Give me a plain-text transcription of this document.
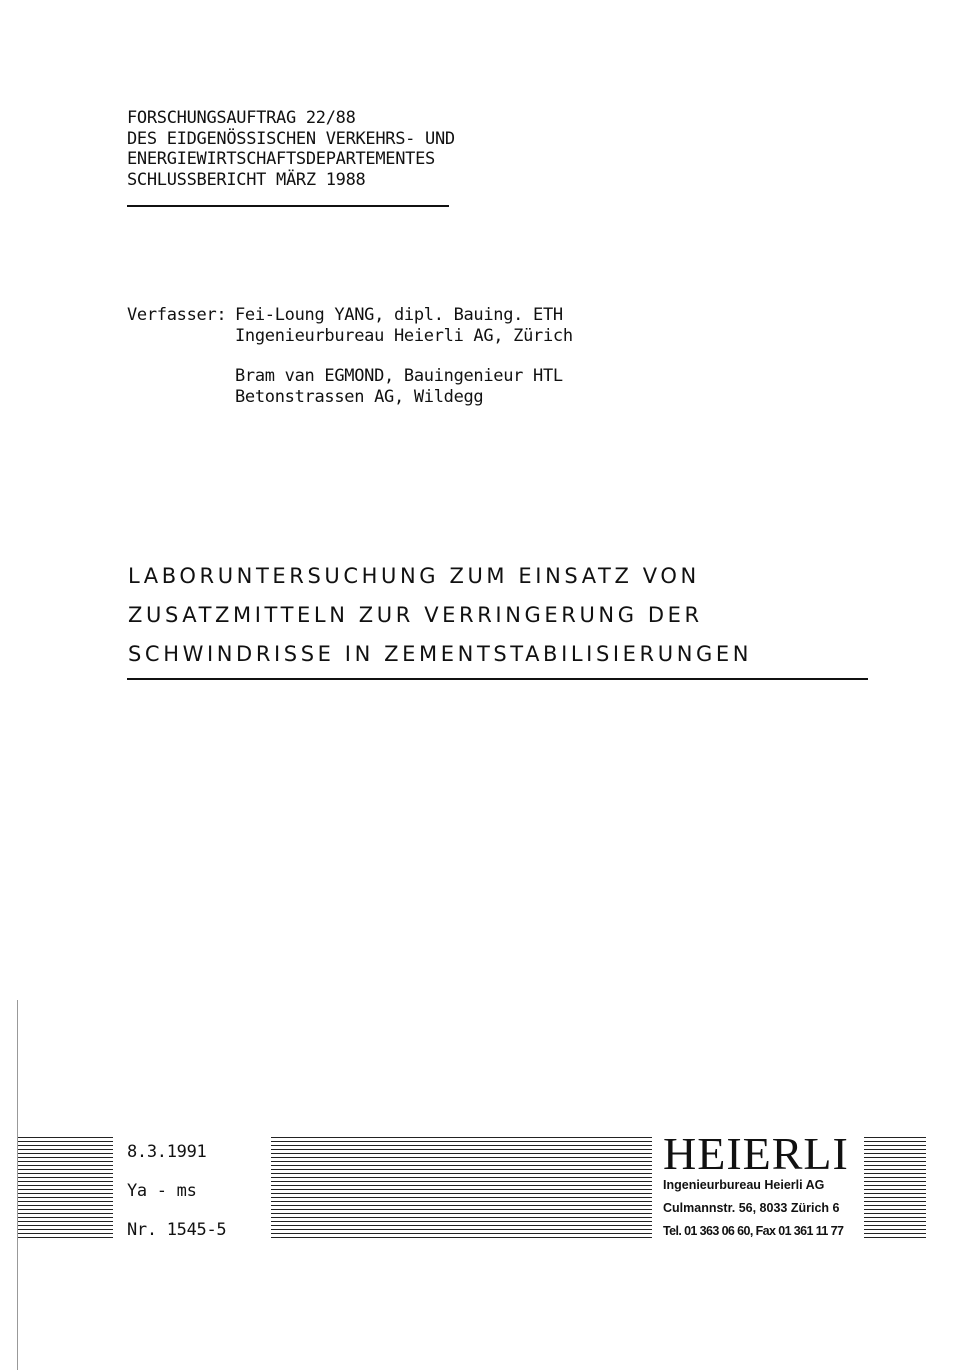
FORSCHUNGSAUFTRAG 22/88
DES EIDGENÖSSISCHEN VERKEHRS- UND
ENERGIEWIRTSCHAFTSDEPARTEMENTES
SCHLUSSBERICHT MÄRZ 1988
Verfasser: Fei-Loung YANG, dipl. Bauing. ETH
Ingenieurbureau Heierli AG, Zürich
Bram van EGMOND, Bauingenieur HTL
Betonstrassen AG, Wildegg
LABORUNTERSUCHUNG ZUM EINSATZ VON
ZUSATZMITTELN ZUR VERRINGERUNG DER
SCHWINDRISSE IN ZEMENTSTABILISIERUNGEN
8.3.1991
Ya - ms
Nr. 1545-5
HEIERLI
Ingenieurbureau Heierli AG
Culmannstr. 56, 8033 Zürich 6
Tel. 01 363 06 60, Fax 01 361 11 77
